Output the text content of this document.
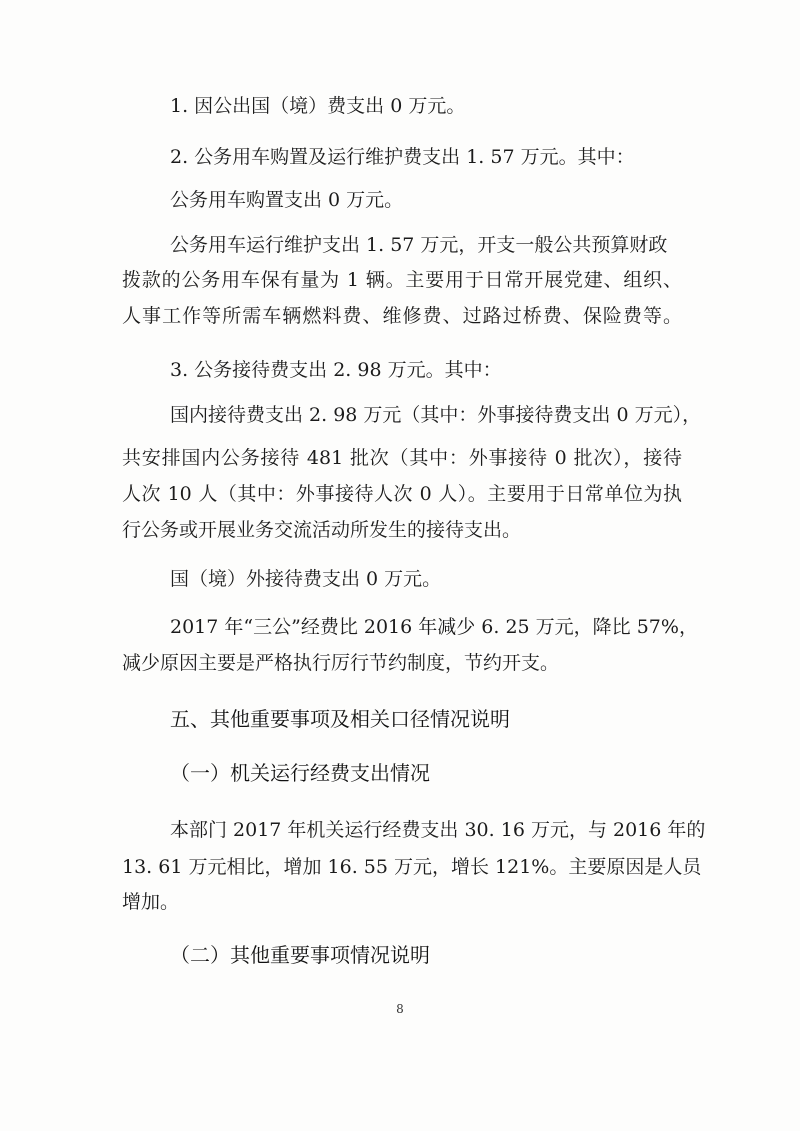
1. 因公出国（境）费支出 0 万元。
2. 公务用车购置及运行维护费支出 1. 57 万元。其中：
公务用车购置支出 0 万元。
公务用车运行维护支出 1. 57 万元，开支一般公共预算财政
拨款的公务用车保有量为 1 辆。主要用于日常开展党建、组织、
人事工作等所需车辆燃料费、维修费、过路过桥费、保险费等。
3. 公务接待费支出 2. 98 万元。其中：
国内接待费支出 2. 98 万元（其中：外事接待费支出 0 万元），
共安排国内公务接待 481 批次（其中：外事接待 0 批次），接待
人次 10 人（其中：外事接待人次 0 人）。主要用于日常单位为执
行公务或开展业务交流活动所发生的接待支出。
国（境）外接待费支出 0 万元。
2017 年“三公”经费比 2016 年减少 6. 25 万元，降比 57%，
减少原因主要是严格执行厉行节约制度，节约开支。
五、其他重要事项及相关口径情况说明
（一）机关运行经费支出情况
本部门 2017 年机关运行经费支出 30. 16 万元，与 2016 年的
13. 61 万元相比，增加 16. 55 万元，增长 121%。主要原因是人员
增加。
（二）其他重要事项情况说明
8
